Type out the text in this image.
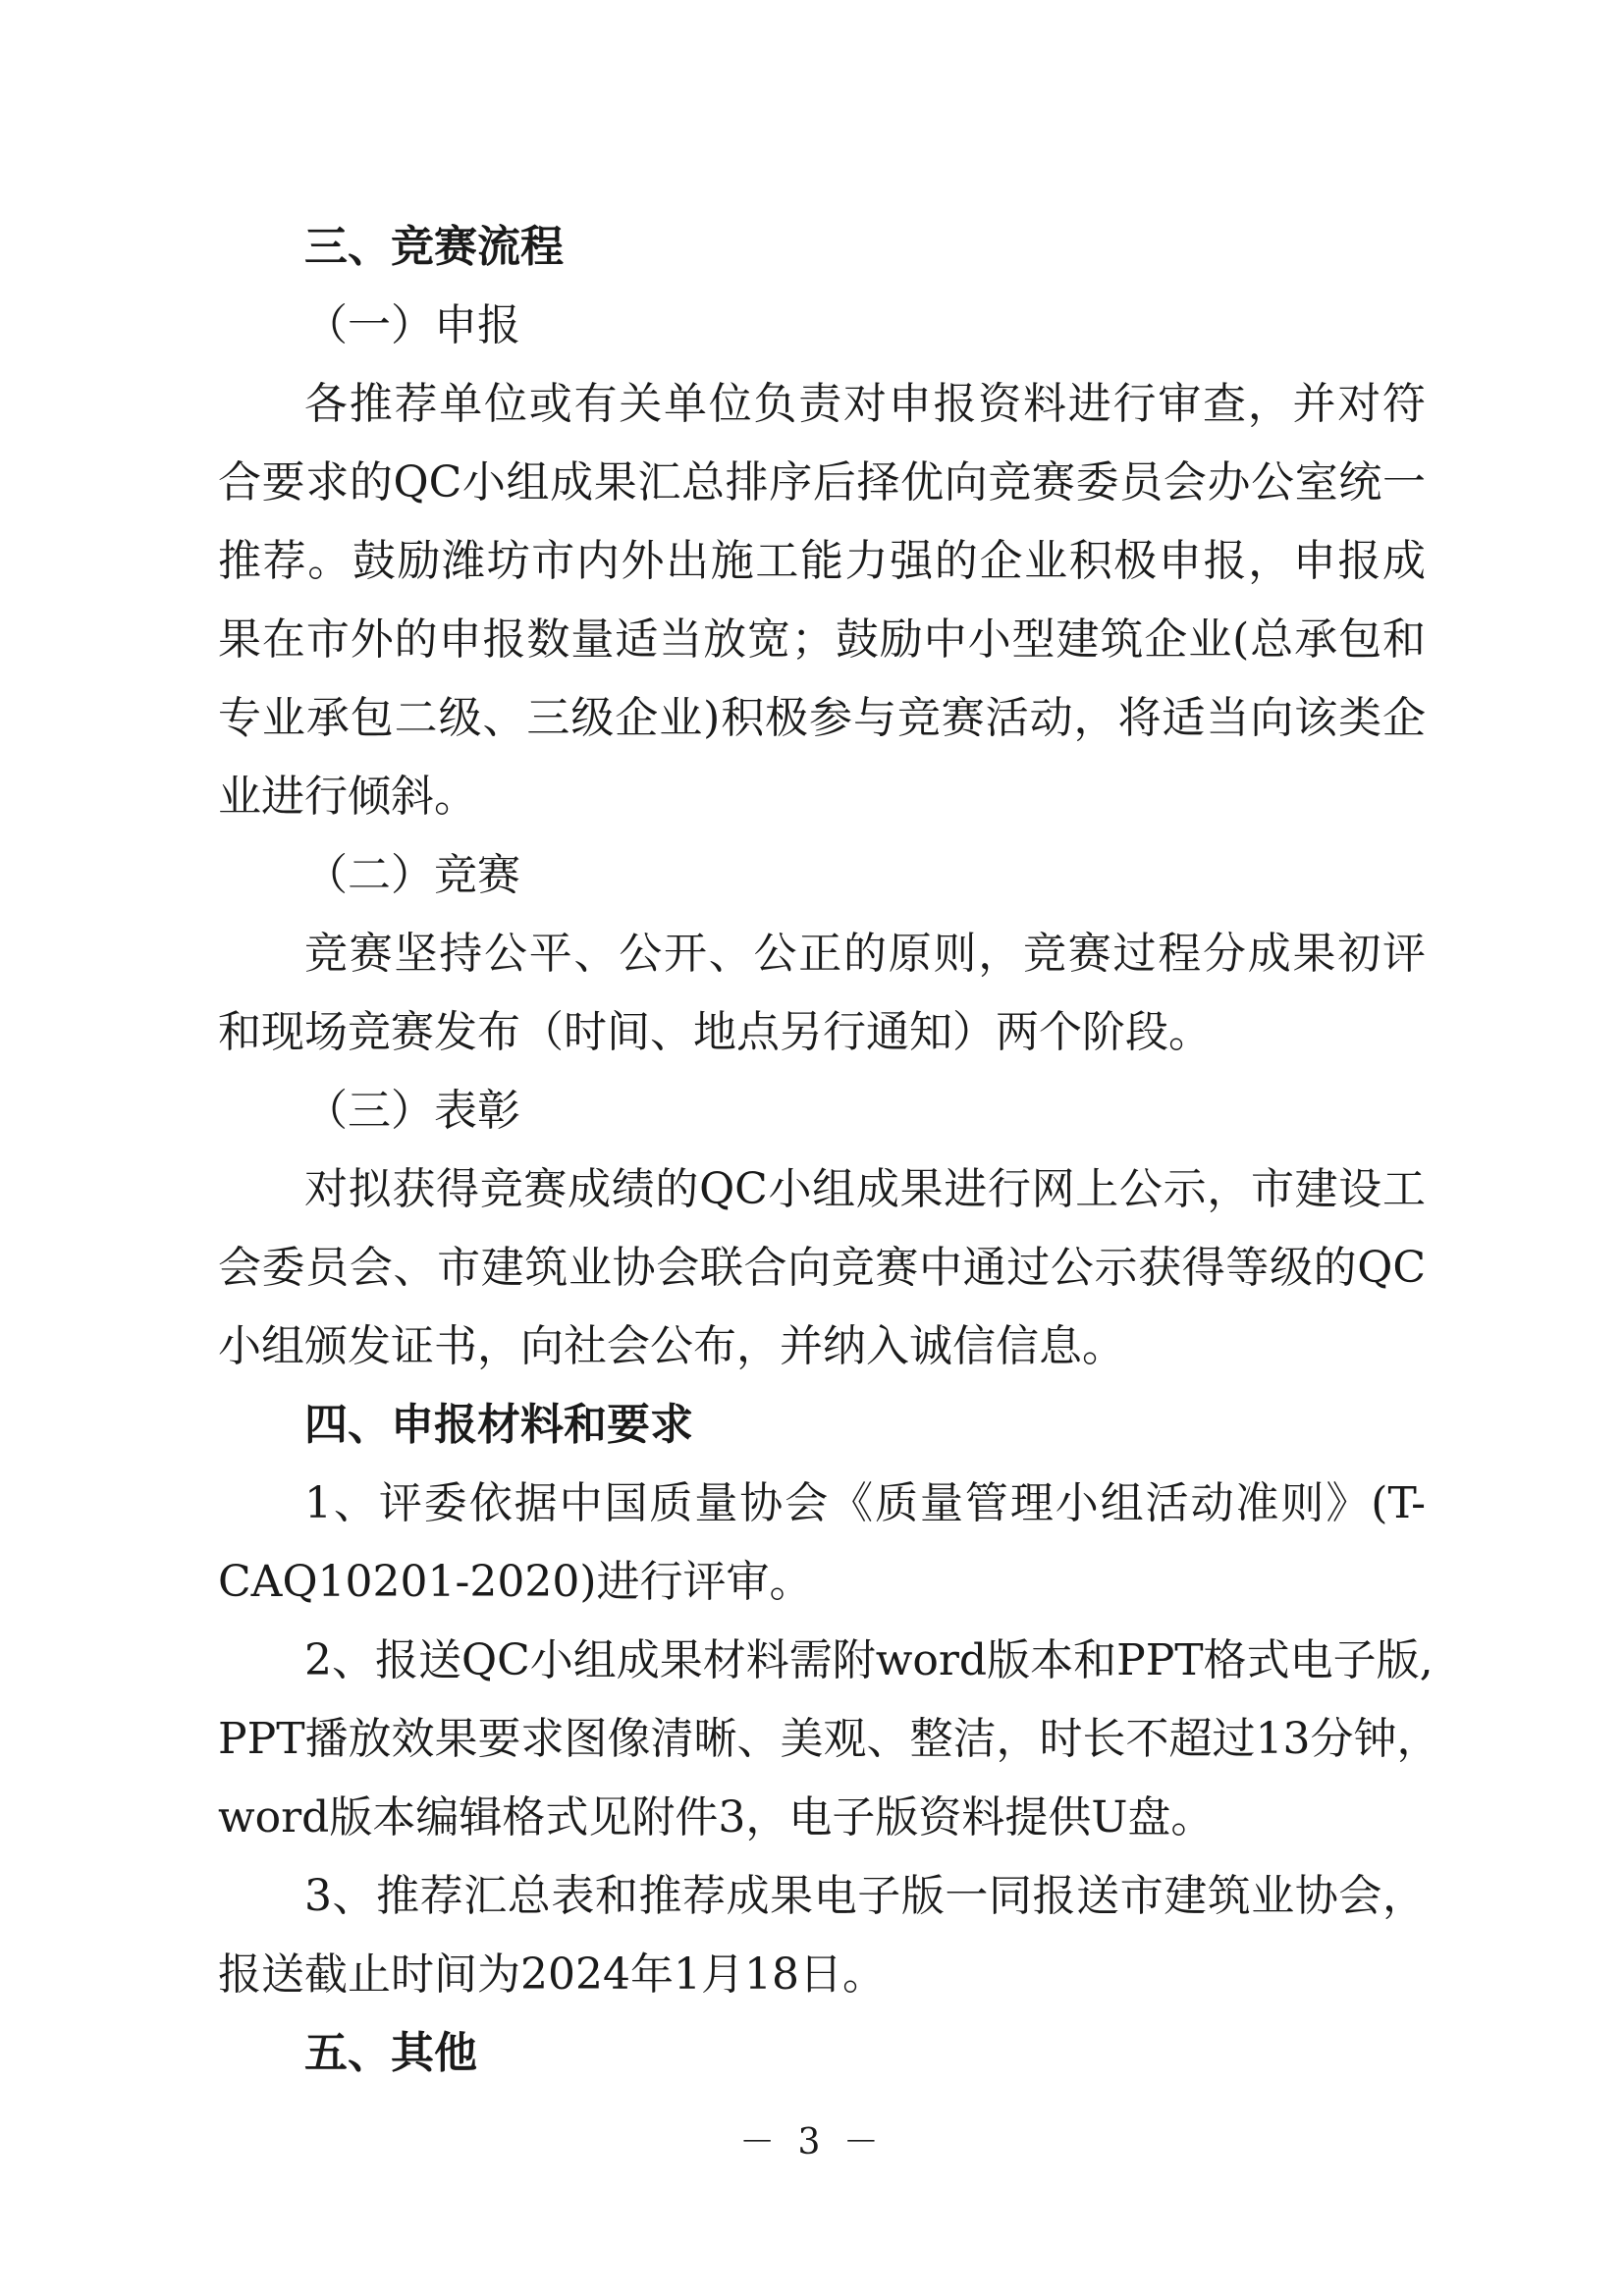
三、竞赛流程
（一）申报
各推荐单位或有关单位负责对申报资料进行审查，并对符
合要求的QC小组成果汇总排序后择优向竞赛委员会办公室统一
推荐。鼓励潍坊市内外出施工能力强的企业积极申报，申报成
果在市外的申报数量适当放宽；鼓励中小型建筑企业(总承包和
专业承包二级、三级企业)积极参与竞赛活动，将适当向该类企
业进行倾斜。
（二）竞赛
竞赛坚持公平、公开、公正的原则，竞赛过程分成果初评
和现场竞赛发布（时间、地点另行通知）两个阶段。
（三）表彰
对拟获得竞赛成绩的QC小组成果进行网上公示，市建设工
会委员会、市建筑业协会联合向竞赛中通过公示获得等级的QC
小组颁发证书，向社会公布，并纳入诚信信息。
四、申报材料和要求
1、评委依据中国质量协会《质量管理小组活动准则》(T-
CAQ10201-2020)进行评审。
2、报送QC小组成果材料需附word版本和PPT格式电子版,
PPT播放效果要求图像清晰、美观、整洁，时长不超过13分钟，
word版本编辑格式见附件3，电子版资料提供U盘。
3、推荐汇总表和推荐成果电子版一同报送市建筑业协会，
报送截止时间为2024年1月18日。
五、其他
－ 3 －
